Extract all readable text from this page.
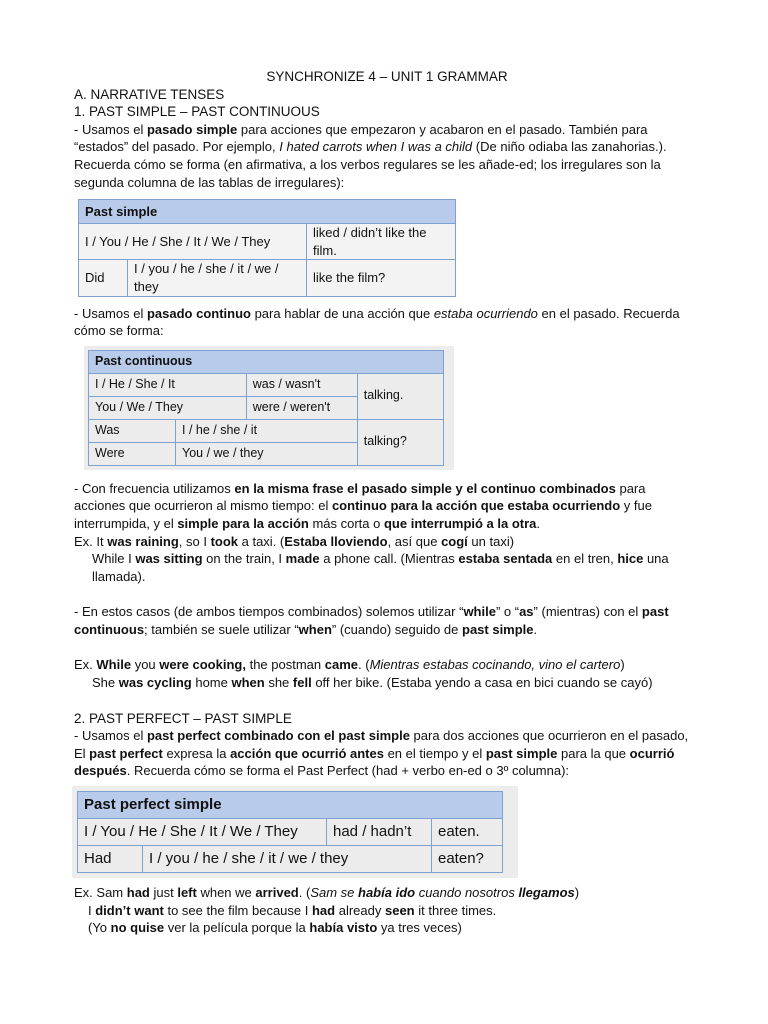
SYNCHRONIZE 4 – UNIT 1 GRAMMAR

A. NARRATIVE TENSES

1. PAST SIMPLE – PAST CONTINUOUS

- Usamos el pasado simple para acciones que empezaron y acabaron en el pasado. También para “estados” del pasado. Por ejemplo, I hated carrots when I was a child (De niño odiaba las zanahorias.). Recuerda cómo se forma (en afirmativa, a los verbos regulares se les añade-ed; los irregulares son la segunda columna de las tablas de irregulares):

Past simple		
I / You / He / She / It / We / They		liked / didn’t like the film.
Did	I / you / he / she / it / we / they	like the film?

- Usamos el pasado continuo para hablar de una acción que estaba ocurriendo en el pasado. Recuerda cómo se forma:

Past continuous			
I / He / She / It		was / wasn't	talking.
You / We / They		were / weren't	
Was	I / he / she / it		talking?
Were	You / we / they		

- Con frecuencia utilizamos en la misma frase el pasado simple y el continuo combinados para acciones que ocurrieron al mismo tiempo: el continuo para la acción que estaba ocurriendo y fue interrumpida, y el simple para la acción más corta o que interrumpió a la otra.

Ex. It was raining, so I took a taxi. (Estaba lloviendo, así que cogí un taxi)

While I was sitting on the train, I made a phone call. (Mientras estaba sentada en el tren, hice una llamada).

- En estos casos (de ambos tiempos combinados) solemos utilizar “while” o “as” (mientras) con el past continuous; también se suele utilizar “when” (cuando) seguido de past simple.

Ex. While you were cooking, the postman came. (Mientras estabas cocinando, vino el cartero)

She was cycling home when she fell off her bike. (Estaba yendo a casa en bici cuando se cayó)

2. PAST PERFECT – PAST SIMPLE

- Usamos el past perfect combinado con el past simple para dos acciones que ocurrieron en el pasado, El past perfect expresa la acción que ocurrió antes en el tiempo y el past simple para la que ocurrió después. Recuerda cómo se forma el Past Perfect (had + verbo en-ed o 3º columna):

Past perfect simple			
I / You / He / She / It / We / They		had / hadn’t	eaten.
Had	I / you / he / she / it / we / they		eaten?

Ex. Sam had just left when we arrived. (Sam se había ido cuando nosotros llegamos)

I didn’t want to see the film because I had already seen it three times.

(Yo no quise ver la película porque la había visto ya tres veces)
